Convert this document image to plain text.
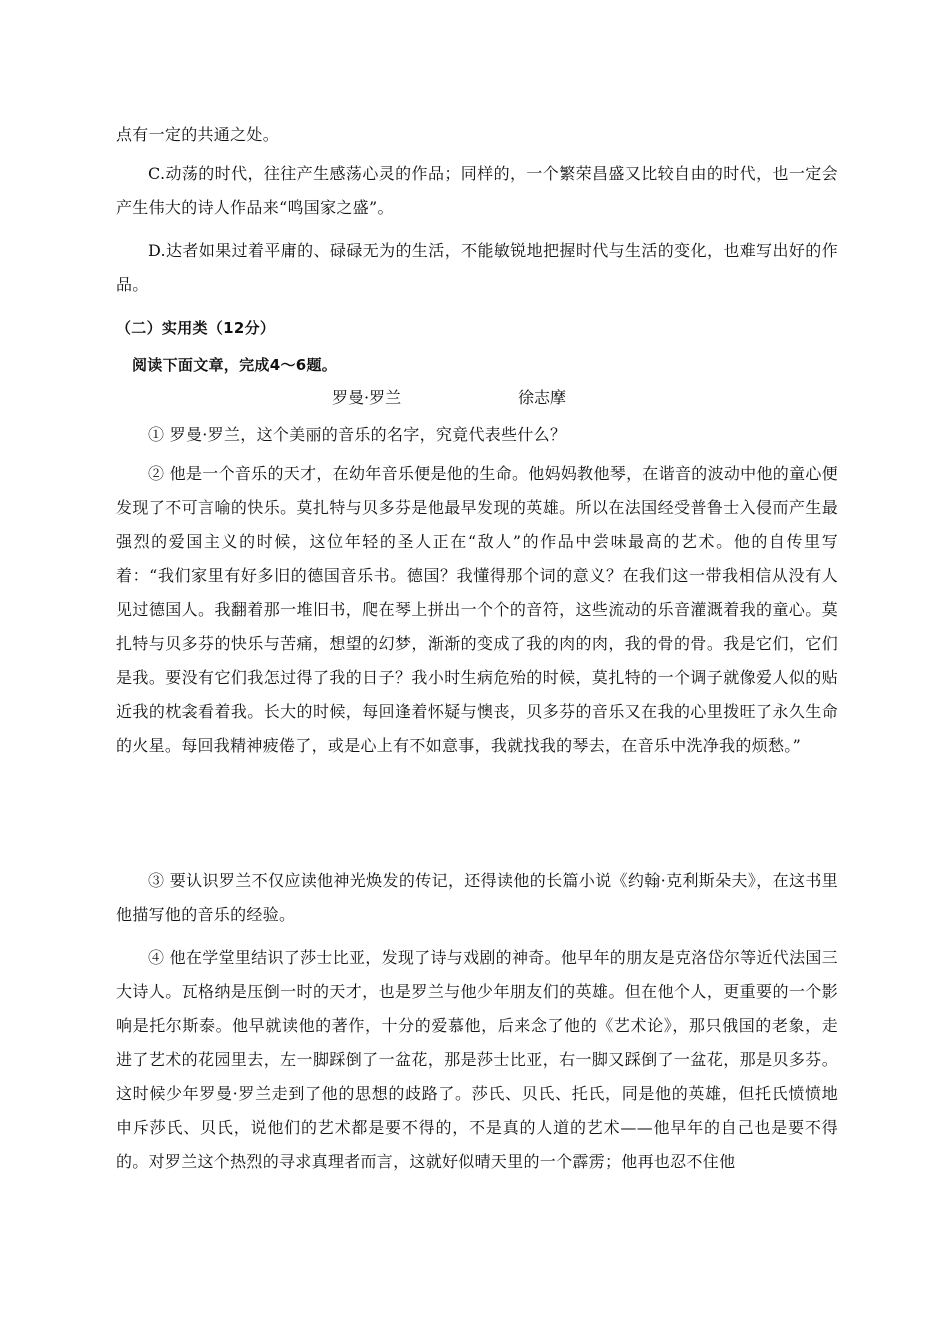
点有一定的共通之处。

C.动荡的时代，往往产生感荡心灵的作品；同样的，一个繁荣昌盛又比较自由的时代，也一定会产生伟大的诗人作品来“鸣国家之盛”。

D.达者如果过着平庸的、碌碌无为的生活，不能敏锐地把握时代与生活的变化，也难写出好的作品。

（二）实用类（12分）

阅读下面文章，完成4～6题。

罗曼·罗兰	徐志摩

① 罗曼·罗兰，这个美丽的音乐的名字，究竟代表些什么？

② 他是一个音乐的天才，在幼年音乐便是他的生命。他妈妈教他琴，在谐音的波动中他的童心便发现了不可言喻的快乐。莫扎特与贝多芬是他最早发现的英雄。所以在法国经受普鲁士入侵而产生最强烈的爱国主义的时候，这位年轻的圣人正在“敌人”的作品中尝味最高的艺术。他的自传里写着：“我们家里有好多旧的德国音乐书。德国？我懂得那个词的意义？在我们这一带我相信从没有人见过德国人。我翻着那一堆旧书，爬在琴上拼出一个个的音符，这些流动的乐音灌溉着我的童心。莫扎特与贝多芬的快乐与苦痛，想望的幻梦，渐渐的变成了我的肉的肉，我的骨的骨。我是它们，它们是我。要没有它们我怎过得了我的日子？我小时生病危殆的时候，莫扎特的一个调子就像爱人似的贴近我的枕衾看着我。长大的时候，每回逢着怀疑与懊丧，贝多芬的音乐又在我的心里拨旺了永久生命的火星。每回我精神疲倦了，或是心上有不如意事，我就找我的琴去，在音乐中洗净我的烦愁。”

③ 要认识罗兰不仅应读他神光焕发的传记，还得读他的长篇小说《约翰·克利斯朵夫》，在这书里他描写他的音乐的经验。

④ 他在学堂里结识了莎士比亚，发现了诗与戏剧的神奇。他早年的朋友是克洛岱尔等近代法国三大诗人。瓦格纳是压倒一时的天才，也是罗兰与他少年朋友们的英雄。但在他个人，更重要的一个影响是托尔斯泰。他早就读他的著作，十分的爱慕他，后来念了他的《艺术论》，那只俄国的老象，走进了艺术的花园里去，左一脚踩倒了一盆花，那是莎士比亚，右一脚又踩倒了一盆花，那是贝多芬。这时候少年罗曼·罗兰走到了他的思想的歧路了。莎氏、贝氏、托氏，同是他的英雄，但托氏愤愤地申斥莎氏、贝氏，说他们的艺术都是要不得的，不是真的人道的艺术——他早年的自己也是要不得的。对罗兰这个热烈的寻求真理者而言，这就好似晴天里的一个霹雳；他再也忍不住他
